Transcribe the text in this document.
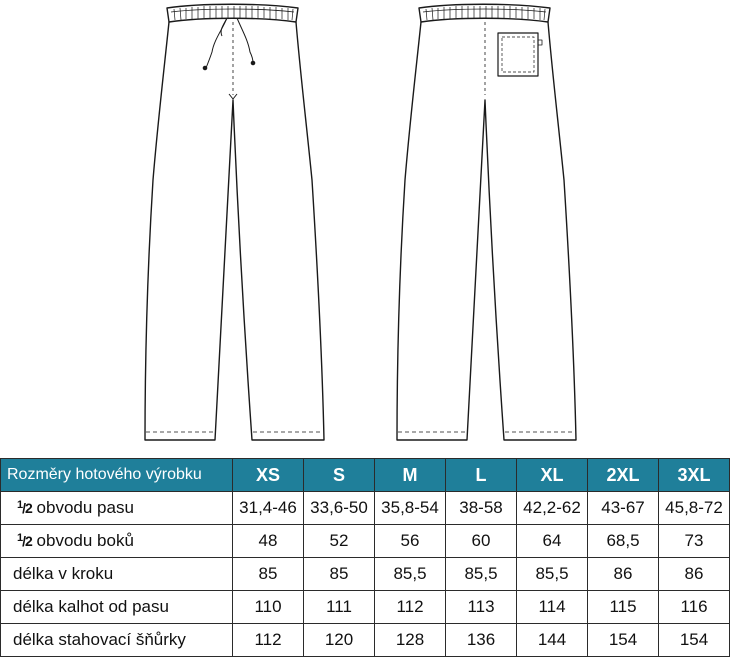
Rozměry hotového výrobku	XS	S	M	L	XL	2XL	3XL
$^1$/2 obvodu pasu	31,4-46	33,6-50	35,8-54	38-58	42,2-62	43-67	45,8-72
$^1$/2 obvodu boků	48	52	56	60	64	68,5	73
délka v kroku	85	85	85,5	85,5	85,5	86	86
délka kalhot od pasu	110	111	112	113	114	115	116
délka stahovací šňůrky	112	120	128	136	144	154	154
